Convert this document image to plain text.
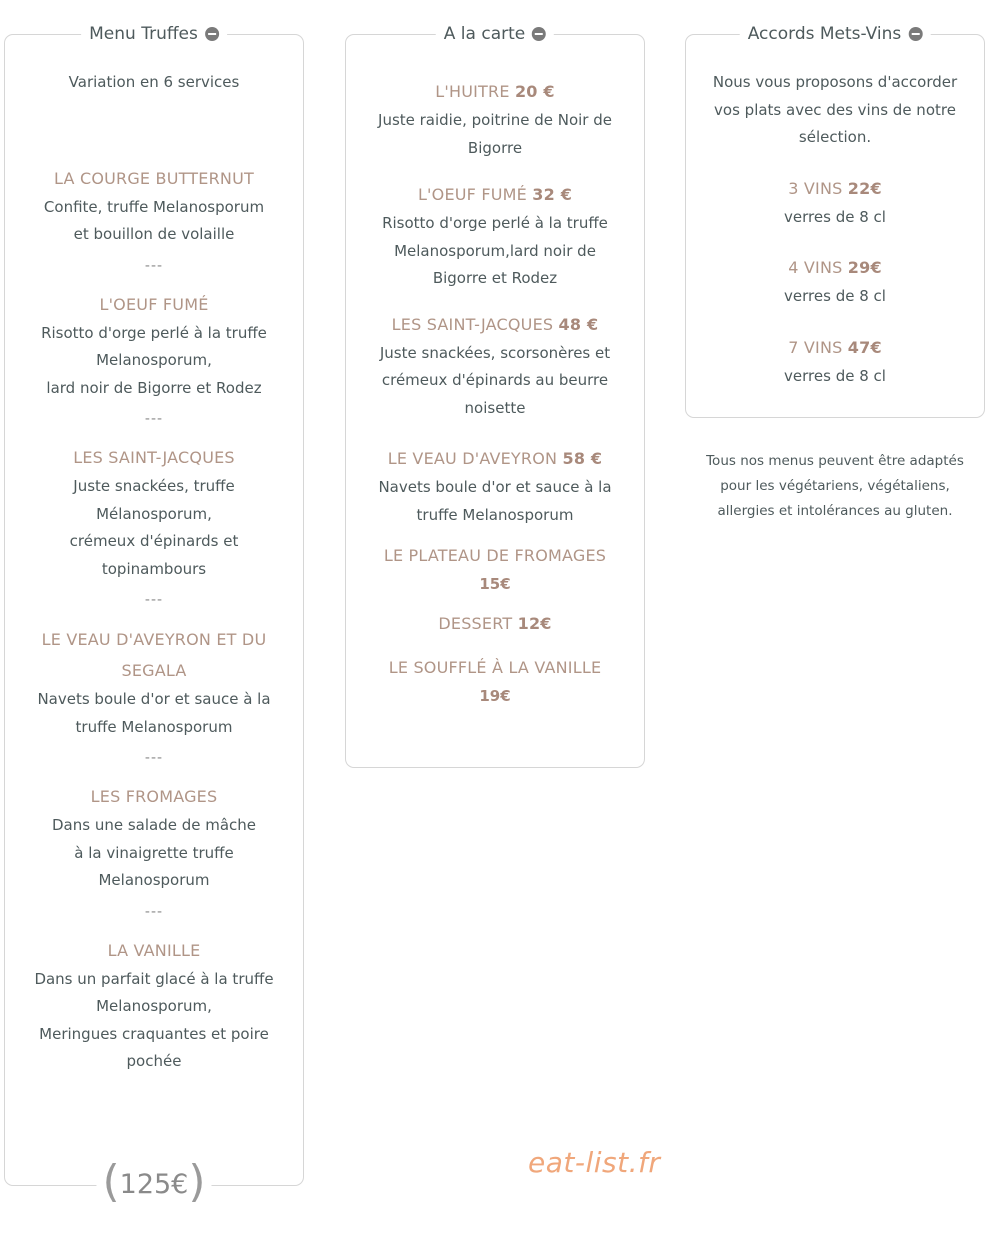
Menu Truffes
Variation en 6 services
LA COURGE BUTTERNUT
Confite, truffe Melanosporum
et bouillon de volaille
---
L'OEUF FUMÉ
Risotto d'orge perlé à la truffe
Melanosporum,
lard noir de Bigorre et Rodez
---
LES SAINT-JACQUES
Juste snackées, truffe
Mélanosporum,
crémeux d'épinards et
topinambours
---
LE VEAU D'AVEYRON ET DU SEGALA
Navets boule d'or et sauce à la
truffe Melanosporum
---
LES FROMAGES
Dans une salade de mâche
à la vinaigrette truffe
Melanosporum
---
LA VANILLE
Dans un parfait glacé à la truffe
Melanosporum,
Meringues craquantes et poire
pochée
(125€)
A la carte
L'HUITRE 20 €
Juste raidie, poitrine de Noir de
Bigorre
L'OEUF FUMÉ 32 €
Risotto d'orge perlé à la truffe
Melanosporum,lard noir de
Bigorre et Rodez
LES SAINT-JACQUES 48 €
Juste snackées, scorsonères et
crémeux d'épinards au beurre
noisette
LE VEAU D'AVEYRON 58 €
Navets boule d'or et sauce à la
truffe Melanosporum
LE PLATEAU DE FROMAGES
15€
DESSERT 12€
LE SOUFFLÉ À LA VANILLE
19€
Accords Mets-Vins
Nous vous proposons d'accorder
vos plats avec des vins de notre
sélection.
3 VINS 22€
verres de 8 cl
4 VINS 29€
verres de 8 cl
7 VINS 47€
verres de 8 cl
Tous nos menus peuvent être adaptés
pour les végétariens, végétaliens,
allergies et intolérances au gluten.
eat-list.fr
